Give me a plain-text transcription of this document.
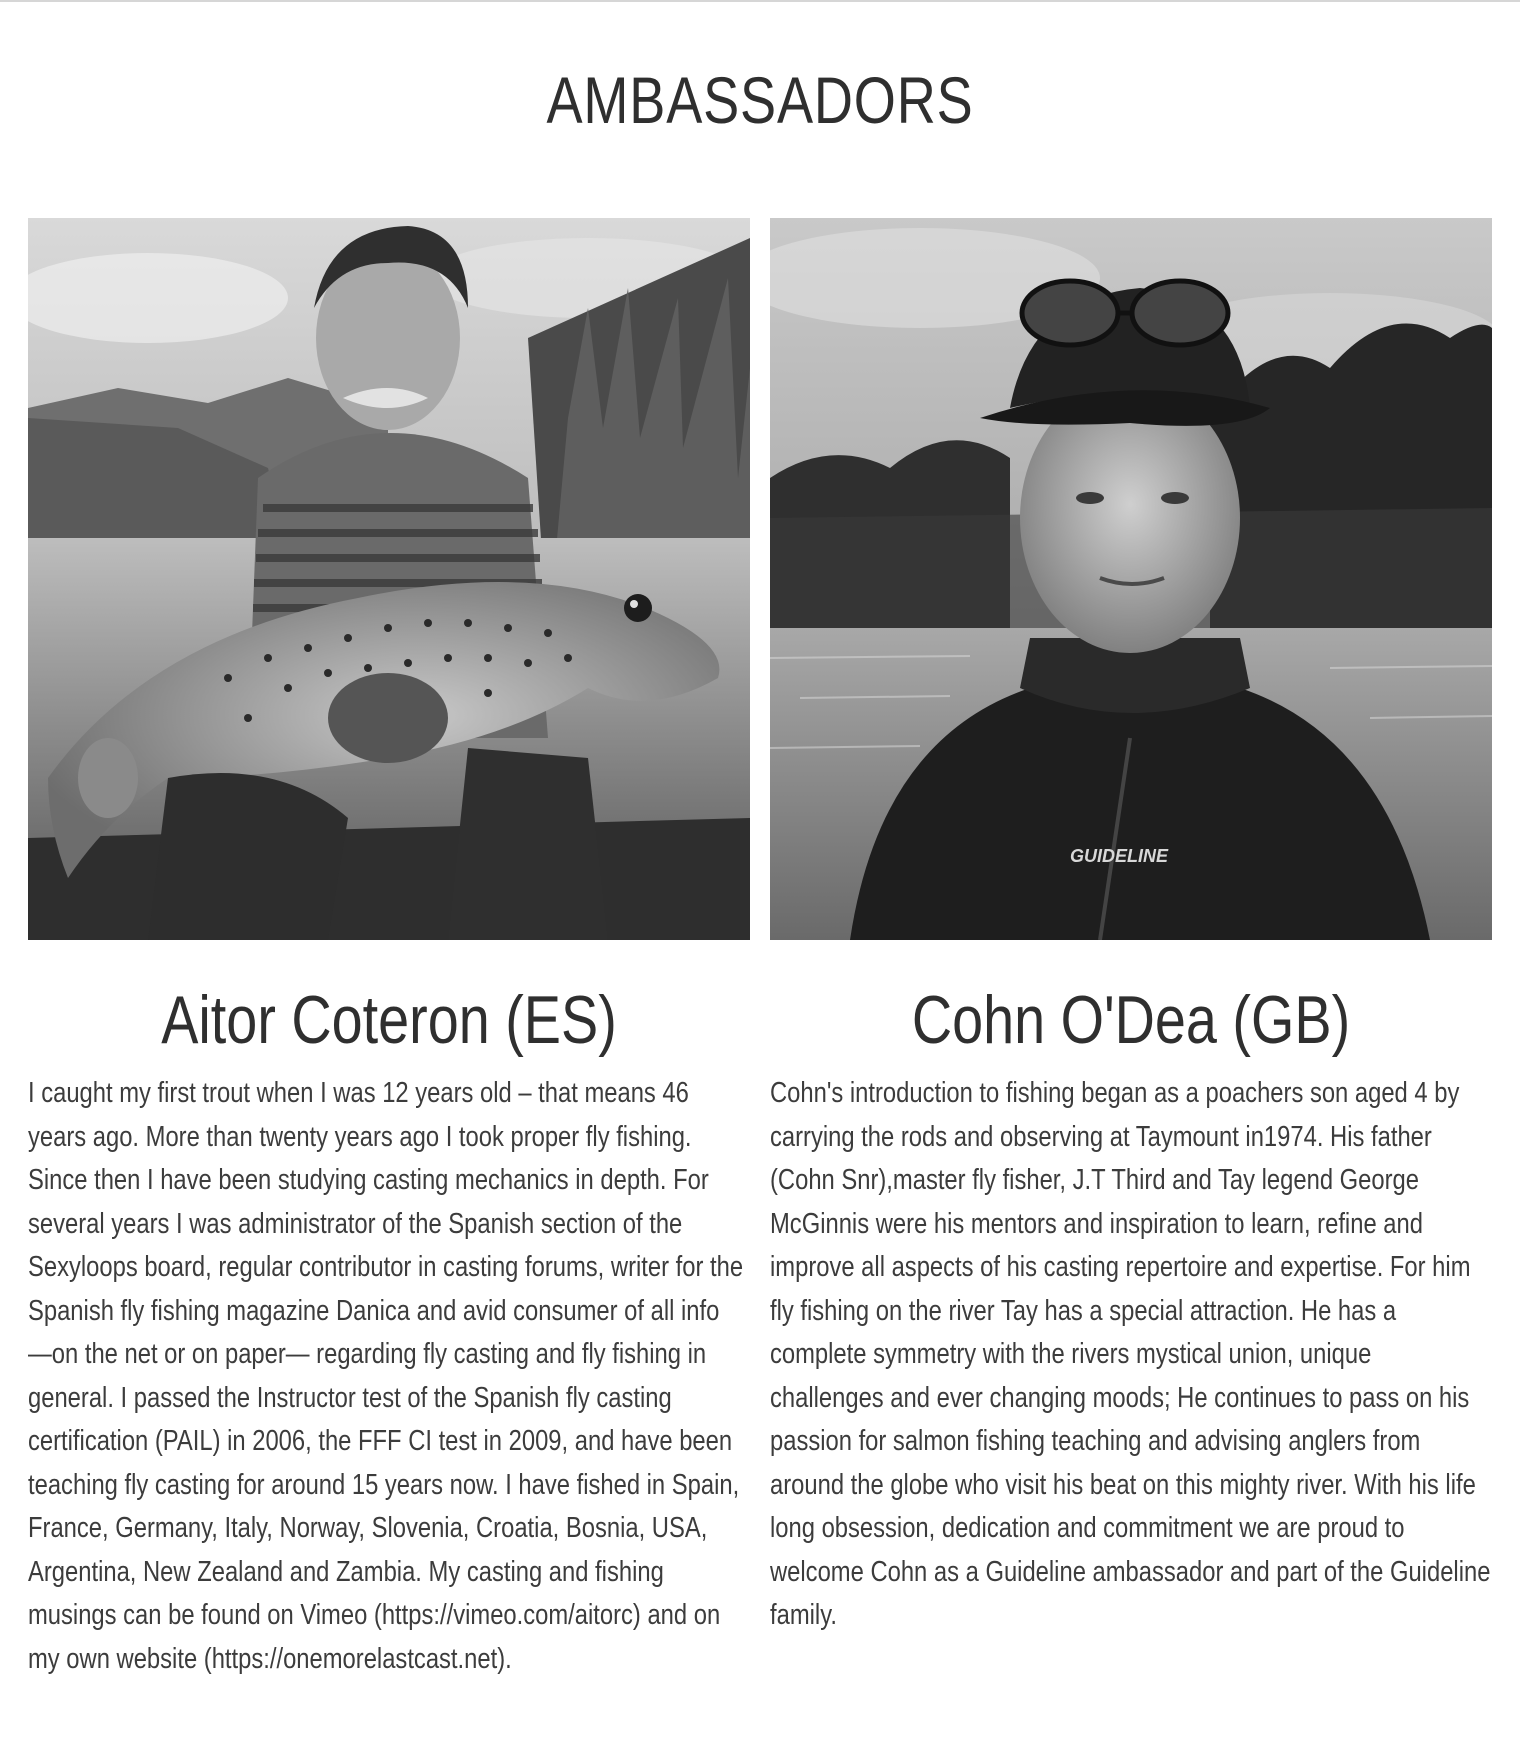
AMBASSADORS
Aitor Coteron (ES)

I caught my first trout when I was 12 years old – that means 46 years ago. More than twenty years ago I took proper fly fishing. Since then I have been studying casting mechanics in depth. For several years I was administrator of the Spanish section of the Sexyloops board, regular contributor in casting forums, writer for the Spanish fly fishing magazine Danica and avid consumer of all info —on the net or on paper— regarding fly casting and fly fishing in general. I passed the Instructor test of the Spanish fly casting certification (PAIL) in 2006, the FFF CI test in 2009, and have been teaching fly casting for around 15 years now. I have fished in Spain, France, Germany, Italy, Norway, Slovenia, Croatia, Bosnia, USA, Argentina, New Zealand and Zambia. My casting and fishing musings can be found on Vimeo (https://vimeo.com/aitorc) and on my own website (https://onemorelastcast.net).

GUIDELINE
Cohn O'Dea (GB)

Cohn's introduction to fishing began as a poachers son aged 4 by carrying the rods and observing at Taymount in1974. His father (Cohn Snr),master fly fisher, J.T Third and Tay legend George McGinnis were his mentors and inspiration to learn, refine and improve all aspects of his casting repertoire and expertise. For him fly fishing on the river Tay has a special attraction. He has a complete symmetry with the rivers mystical union, unique challenges and ever changing moods; He continues to pass on his passion for salmon fishing teaching and advising anglers from around the globe who visit his beat on this mighty river. With his life long obsession, dedication and commitment we are proud to welcome Cohn as a Guideline ambassador and part of the Guideline family.
